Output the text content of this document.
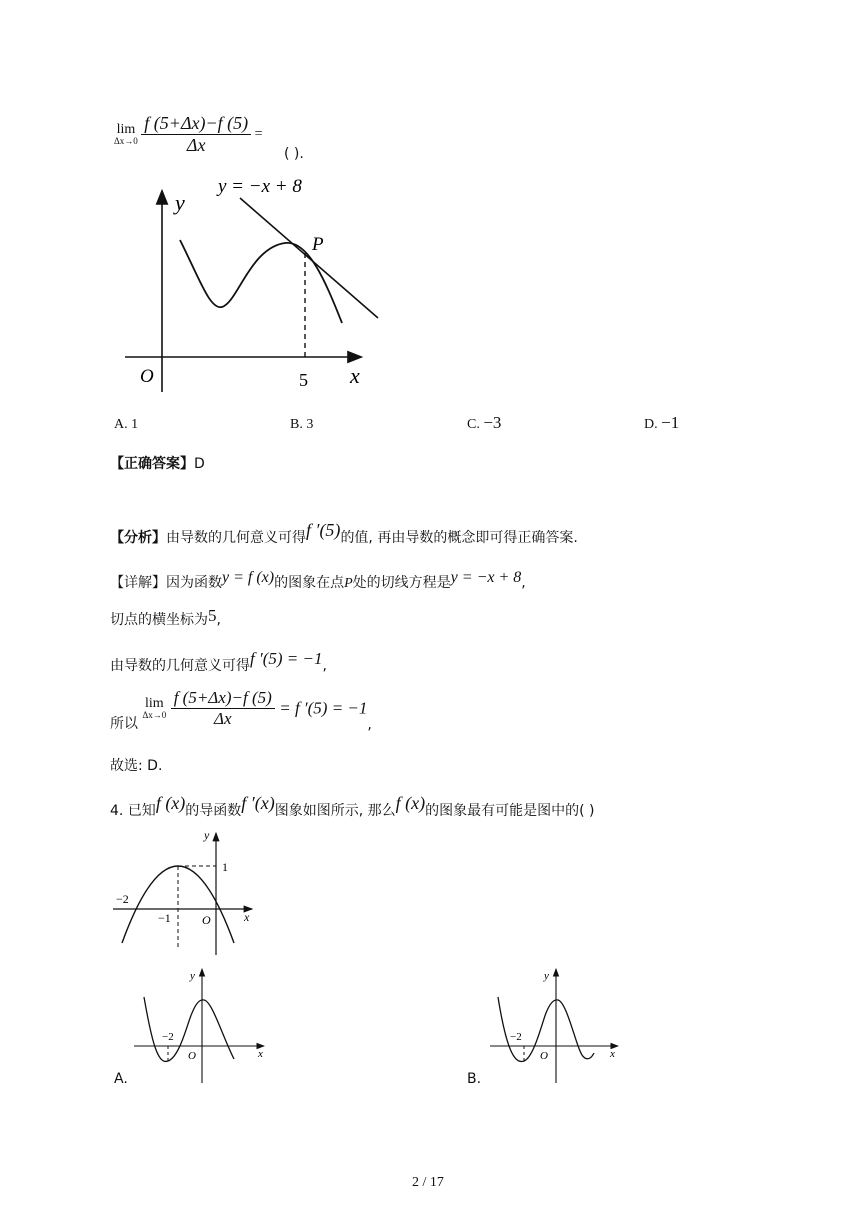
lim
Δx→0
$\frac{f (5+\Delta x)-f (5)}{\Delta x}$ =
( ).
y = −x + 8
y
x
O
P
5
A. 1	B. 3	C. −3	D. −1
【正确答案】D
【分析】由导数的几何意义可得f ′(5)的值, 再由导数的概念即可得正确答案.
【详解】因为函数y = f (x)的图象在点P处的切线方程是y = −x + 8,
切点的横坐标为5,
由导数的几何意义可得f ′(5) = −1,
所以
lim
Δx→0
$\frac{f (5+\Delta x)-f (5)}{\Delta x} = f$ ′(5) = −1,
故选: D.
4. 已知f (x)的导函数f ′(x)图象如图所示, 那么f (x)的图象最有可能是图中的( )
y
x
O
−2
−1
1
A.
y
x
O
−2
B.
y
x
O
−2
2 / 17
